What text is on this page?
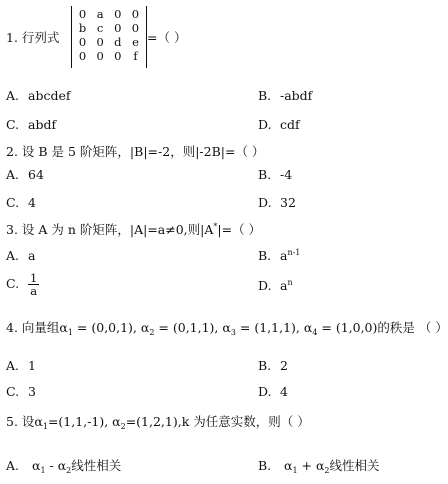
1. 行列式
0 a 0 0
b c 0 0
0 0 d e
0 0 0	f
=（ ）
A. abcdef	B. -abdf
C. abdf	D. cdf
2. 设 B 是 5 阶矩阵，|B|=-2，则|-2B|=（ ）
A. 64	B. -4
C. 4	D. 32
3. 设 A 为 n 阶矩阵，|A|=a≠0,则|A*|=（ ）
A. a	B. $a^{n-1}$
C. $\frac{1}{a}$	D. $a^n$
4. 向量组$\alpha_1 = (0,0,1)$, $\alpha_2 = (0,1,1)$, $\alpha_3 = (1,1,1)$, $\alpha_4 = (1,0,0)$的秩是 （ ）
A. 1	B. 2
C. 3	D. 4
5. 设$\alpha_1=(1,1,-1)$, $\alpha_2=(1,2,1),k$ 为任意实数，则（ ）
A. $\alpha_1 - \alpha_2$线性相关	B. $\alpha_1 + \alpha_2$线性相关
